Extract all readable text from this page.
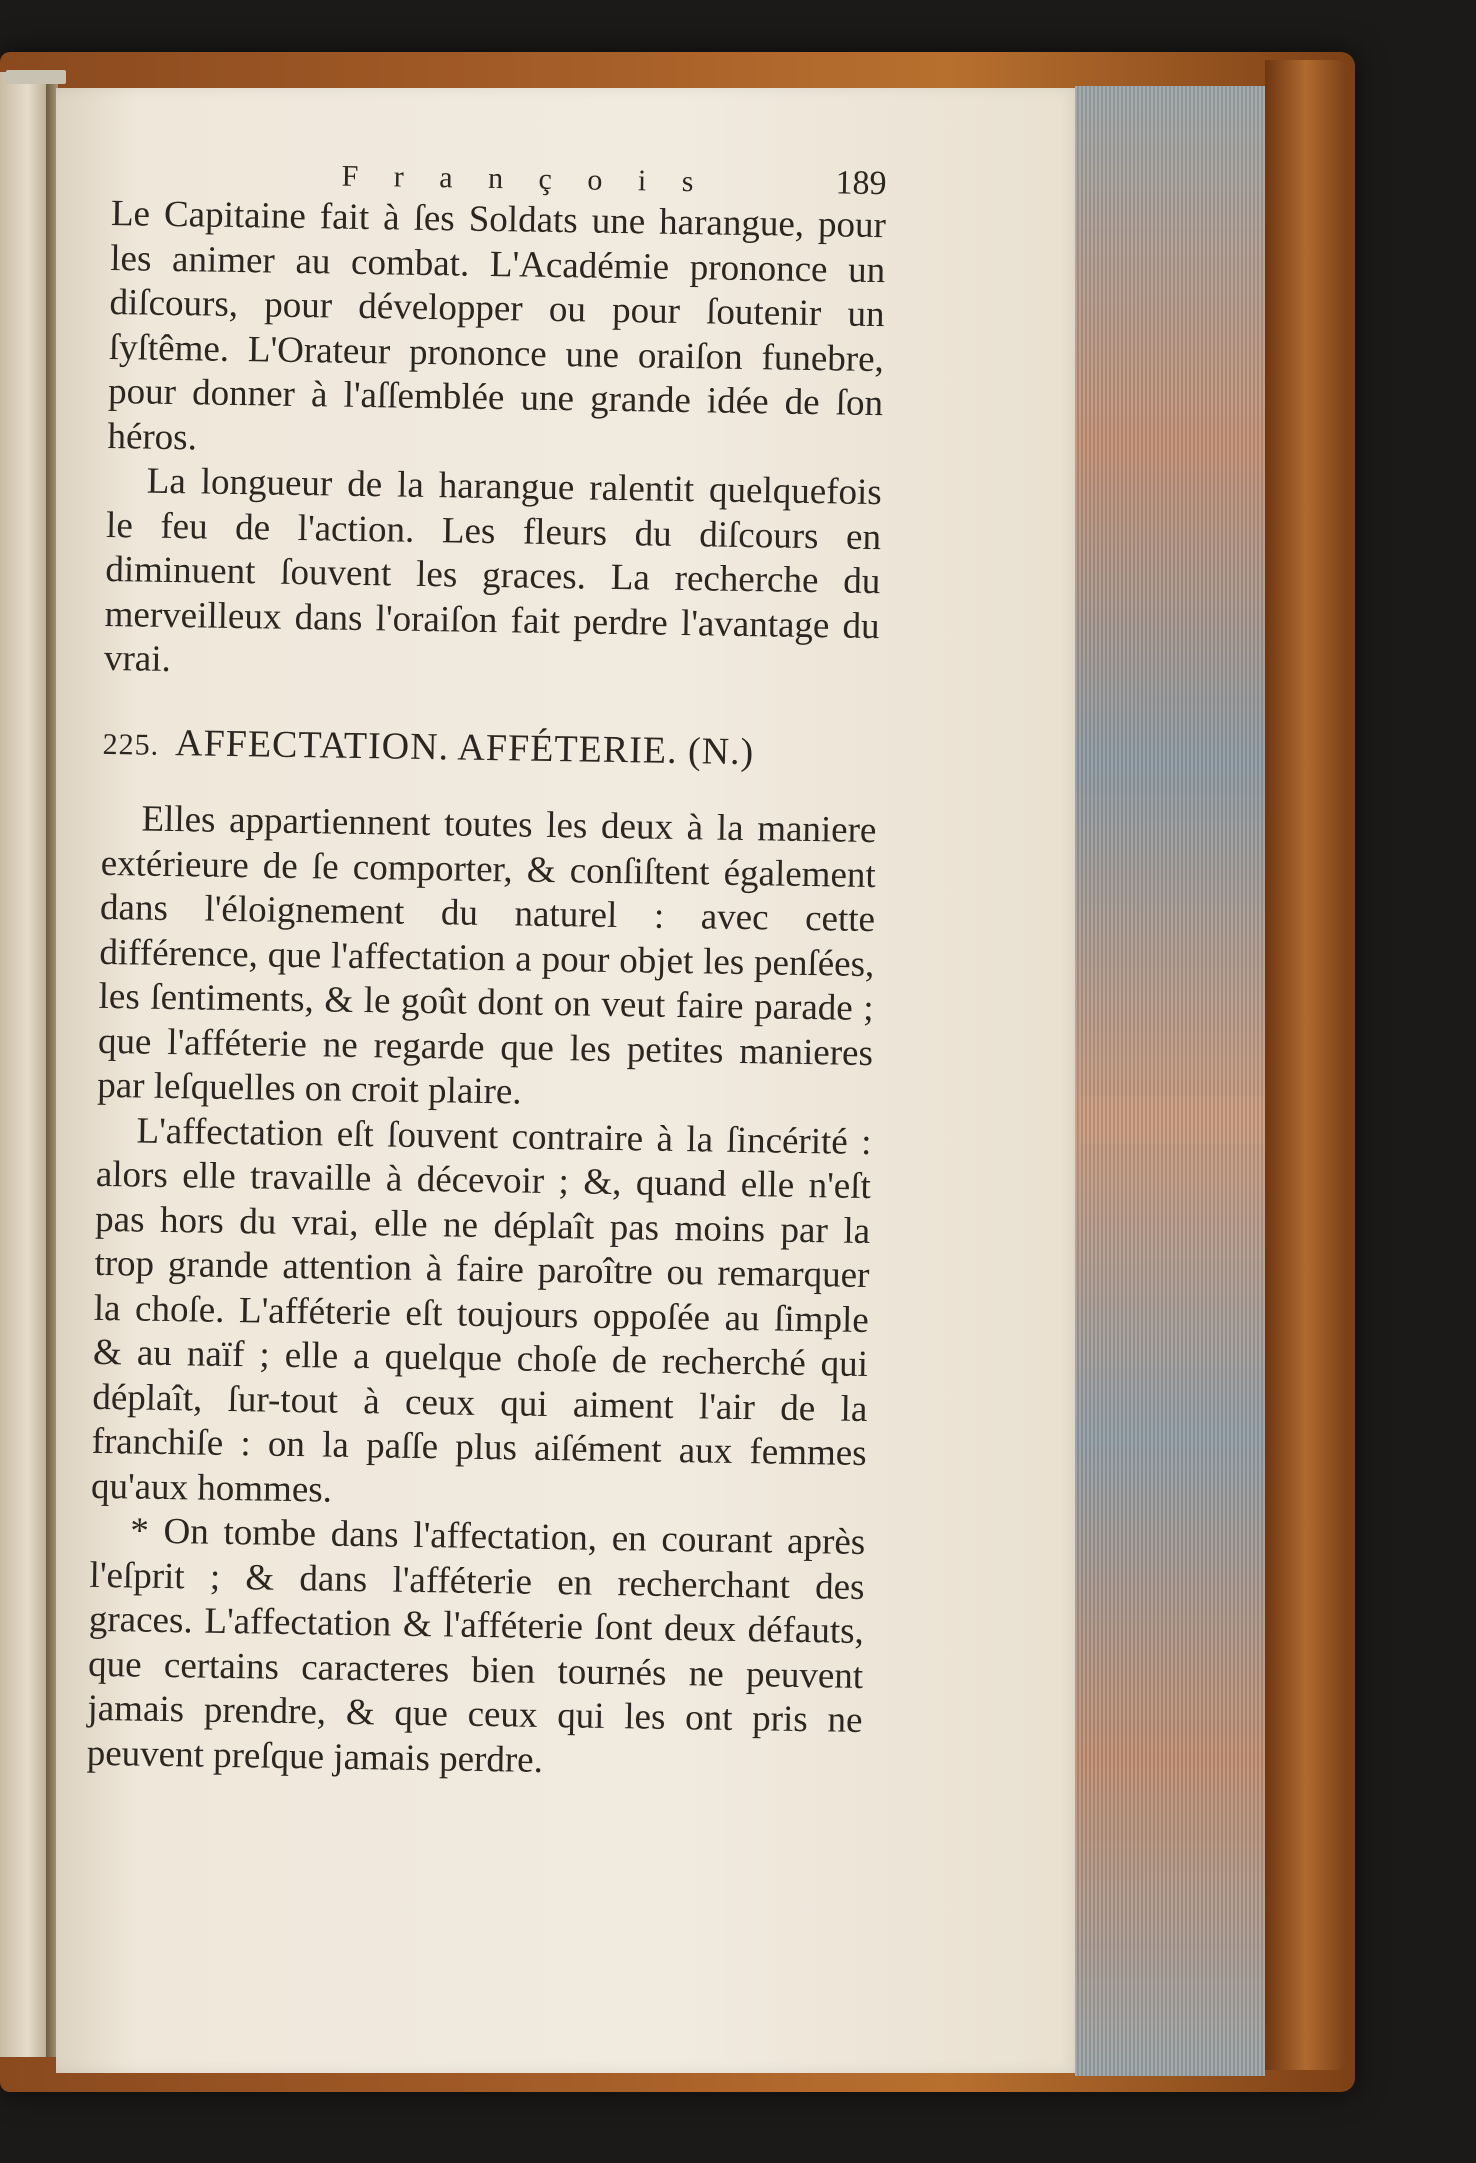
F r a n ç o i s	189

Le Capitaine fait à ſes Soldats une harangue, pour les animer au combat. L'Académie prononce un diſcours, pour développer ou pour ſoutenir un ſyſtême. L'Orateur prononce une oraiſon funebre, pour donner à l'aſſemblée une grande idée de ſon héros.

La longueur de la harangue ralentit quelquefois le feu de l'action. Les fleurs du diſcours en diminuent ſouvent les graces. La recherche du merveilleux dans l'oraiſon fait perdre l'avantage du vrai.

225. AFFECTATION. AFFÉTERIE. (N.)

Elles appartiennent toutes les deux à la maniere extérieure de ſe comporter, & conſiſtent également dans l'éloignement du naturel : avec cette différence, que l'affectation a pour objet les penſées, les ſentiments, & le goût dont on veut faire parade ; que l'afféterie ne regarde que les petites manieres par leſquelles on croit plaire.

L'affectation eſt ſouvent contraire à la ſincérité : alors elle travaille à décevoir ; &, quand elle n'eſt pas hors du vrai, elle ne déplaît pas moins par la trop grande attention à faire paroître ou remarquer la choſe. L'afféterie eſt toujours oppoſée au ſimple & au naïf ; elle a quelque choſe de recherché qui déplaît, ſur-tout à ceux qui aiment l'air de la franchiſe : on la paſſe plus aiſément aux femmes qu'aux hommes.

* On tombe dans l'affectation, en courant après l'eſprit ; & dans l'afféterie en recherchant des graces. L'affectation & l'afféterie ſont deux défauts, que certains caracteres bien tournés ne peuvent jamais prendre, & que ceux qui les ont pris ne peuvent preſque jamais perdre.
